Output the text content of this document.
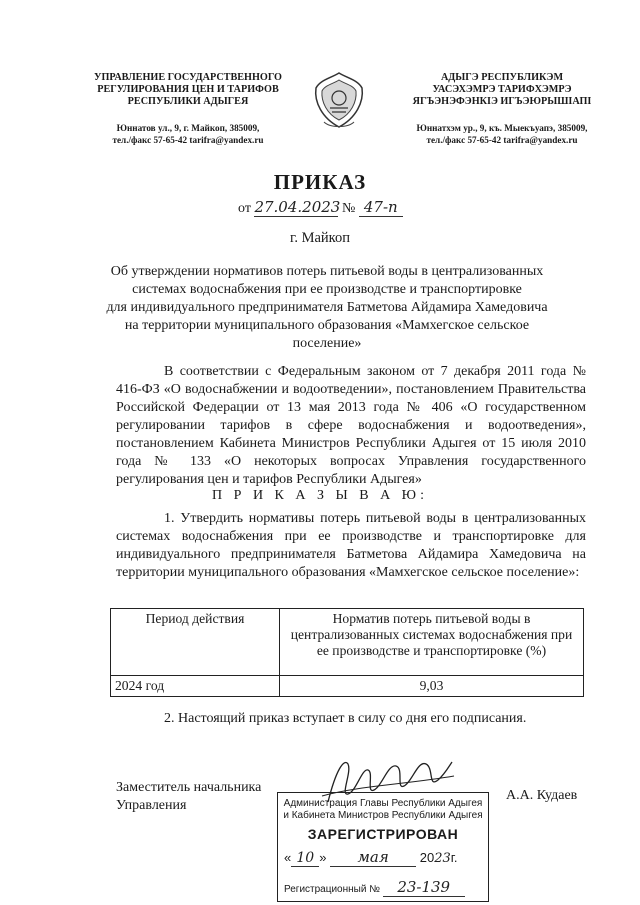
УПРАВЛЕНИЕ ГОСУДАРСТВЕННОГО
РЕГУЛИРОВАНИЯ ЦЕН И ТАРИФОВ
РЕСПУБЛИКИ АДЫГЕЯ
Юннатов ул., 9, г. Майкоп, 385009,
тел./факс 57-65-42 tarifra@yandex.ru
АДЫГЭ РЕСПУБЛИКЭМ
УАСЭХЭМРЭ ТАРИФХЭМРЭ
ЯГЪЭНЭФЭНКIЭ ИГЪЭЮРЫШIАПI
Юннатхэм ур., 9, къ. Мыекъуапэ, 385009,
тел./факс 57-65-42 tarifra@yandex.ru
ПРИКАЗ
от 27.04.2023 № 47-п
г. Майкоп
Об утверждении нормативов потерь питьевой воды в централизованных
системах водоснабжения при ее производстве и транспортировке
для индивидуального предпринимателя Батметова Айдамира Хамедовича
на территории муниципального образования «Мамхегское сельское
поселение»
В соответствии с Федеральным законом от 7 декабря 2011 года № 416-ФЗ «О водоснабжении и водоотведении», постановлением Правительства Российской Федерации от 13 мая 2013 года № 406 «О государственном регулировании тарифов в сфере водоснабжения и водоотведения», постановлением Кабинета Министров Республики Адыгея от 15 июля 2010 года № 133 «О некоторых вопросах Управления государственного регулирования цен и тарифов Республики Адыгея»
П Р И К А З Ы В А Ю:
1. Утвердить нормативы потерь питьевой воды в централизованных системах водоснабжения при ее производстве и транспортировке для индивидуального предпринимателя Батметова Айдамира Хамедовича на территории муниципального образования «Мамхегское сельское поселение»:
Период действия	Норматив потерь питьевой воды в централизованных системах водоснабжения при ее производстве и транспортировке (%)
2024 год	9,03
2. Настоящий приказ вступает в силу со дня его подписания.
Заместитель начальника
Управления
А.А. Кудаев
Администрация Главы Республики Адыгея
и Кабинета Министров Республики Адыгея
ЗАРЕГИСТРИРОВАН
« 10 » мая 2023г.
Регистрационный № 23-139
